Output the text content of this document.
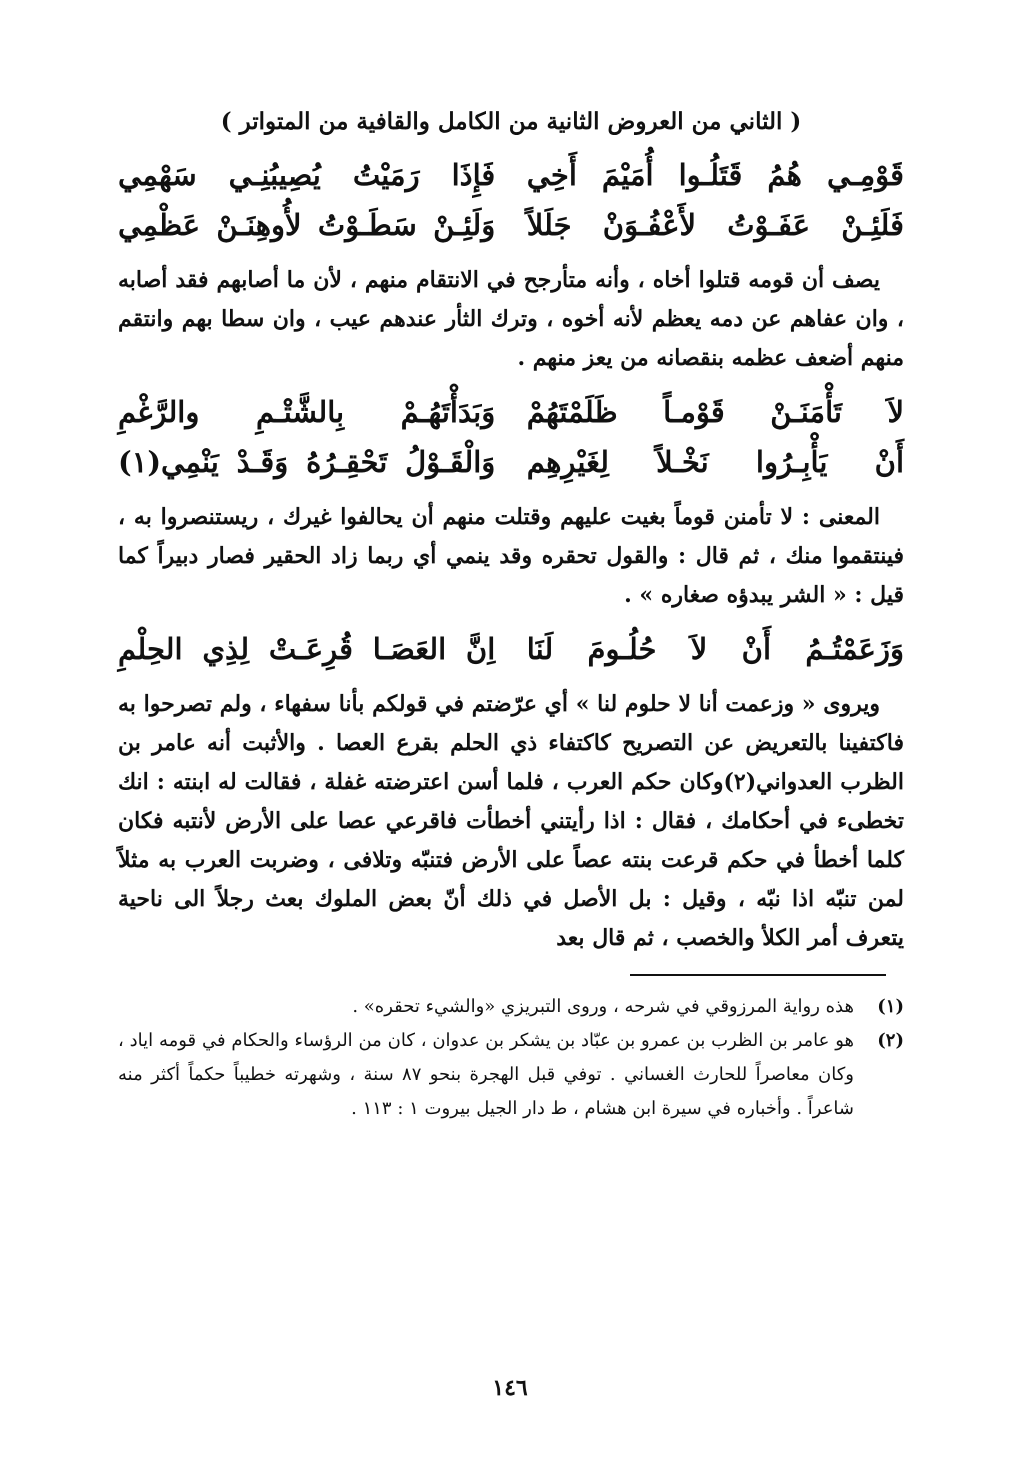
( الثاني من العروض الثانية من الكامل والقافية من المتواتر )
قَوْمِـي
هُمُ
قَتَلُـوا
أُمَيْمَ
أَخِي
فَإِذَا
رَمَيْتُ
يُصِيبُنِـي
سَهْمِي
فَلَئِـنْ
عَفَـوْتُ
لأَعْفُـوَنْ
جَلَلاً
وَلَئِـنْ
سَطَـوْتُ
لأُوهِنَـنْ
عَظْمِي

يصف أن قومه قتلوا أخاه ، وأنه متأرجح في الانتقام منهم ، لأن ما أصابهم فقد أصابه ، وان عفاهم عن دمه يعظم لأنه أخوه ، وترك الثأر عندهم عيب ، وان سطا بهم وانتقم منهم أضعف عظمه بنقصانه من يعز منهم .

لاَ
تَأْمَنَـنْ
قَوْمـاً
ظَلَمْتَهُمْ
وَبَدَأْتَهُـمْ
بِالشَّتْـمِ
والرَّغْمِ
أَنْ
يَأْبِـرُوا
نَخْـلاً
لِغَيْرِهِم
وَالْقَـوْلُ
تَحْقِـرُهُ
وَقَـدْ
يَنْمِي(١)

المعنى : لا تأمنن قوماً بغيت عليهم وقتلت منهم أن يحالفوا غيرك ، ريستنصروا به ، فينتقموا منك ، ثم قال : والقول تحقره وقد ينمي أي ربما زاد الحقير فصار دبيراً كما قيل : « الشر يبدؤه صغاره » .

وَزَعَمْتُـمُ
أَنْ
لاَ
حُلُـومَ
لَنَا
اِنَّ
العَصَـا
قُرِعَـتْ
لِذِي
الحِلْمِ

ويروى « وزعمت أنا لا حلوم لنا » أي عرّضتم في قولكم بأنا سفهاء ، ولم تصرحوا به فاكتفينا بالتعريض عن التصريح كاكتفاء ذي الحلم بقرع العصا . والأثبت أنه عامر بن الظرب العدواني(٢)وكان حكم العرب ، فلما أسن اعترضته غفلة ، فقالت له ابنته : انك تخطىء في أحكامك ، فقال : اذا رأيتني أخطأت فاقرعي عصا على الأرض لأنتبه فكان كلما أخطأ في حكم قرعت بنته عصاً على الأرض فتنبّه وتلافى ، وضربت العرب به مثلاً لمن تنبّه اذا نبّه ، وقيل : بل الأصل في ذلك أنّ بعض الملوك بعث رجلاً الى ناحية يتعرف أمر الكلأ والخصب ، ثم قال بعد

(١)
هذه رواية المرزوقي في شرحه ، وروى التبريزي «والشيء تحقره» .
(٢)
هو عامر بن الظرب بن عمرو بن عبّاد بن يشكر بن عدوان ، كان من الرؤساء والحكام في قومه اياد ، وكان معاصراً للحارث الغساني . توفي قبل الهجرة بنحو ٨٧ سنة ، وشهرته خطيباً حكماً أكثر منه شاعراً . وأخباره في سيرة ابن هشام ، ط دار الجيل بيروت ١ : ١١٣ .
١٤٦
